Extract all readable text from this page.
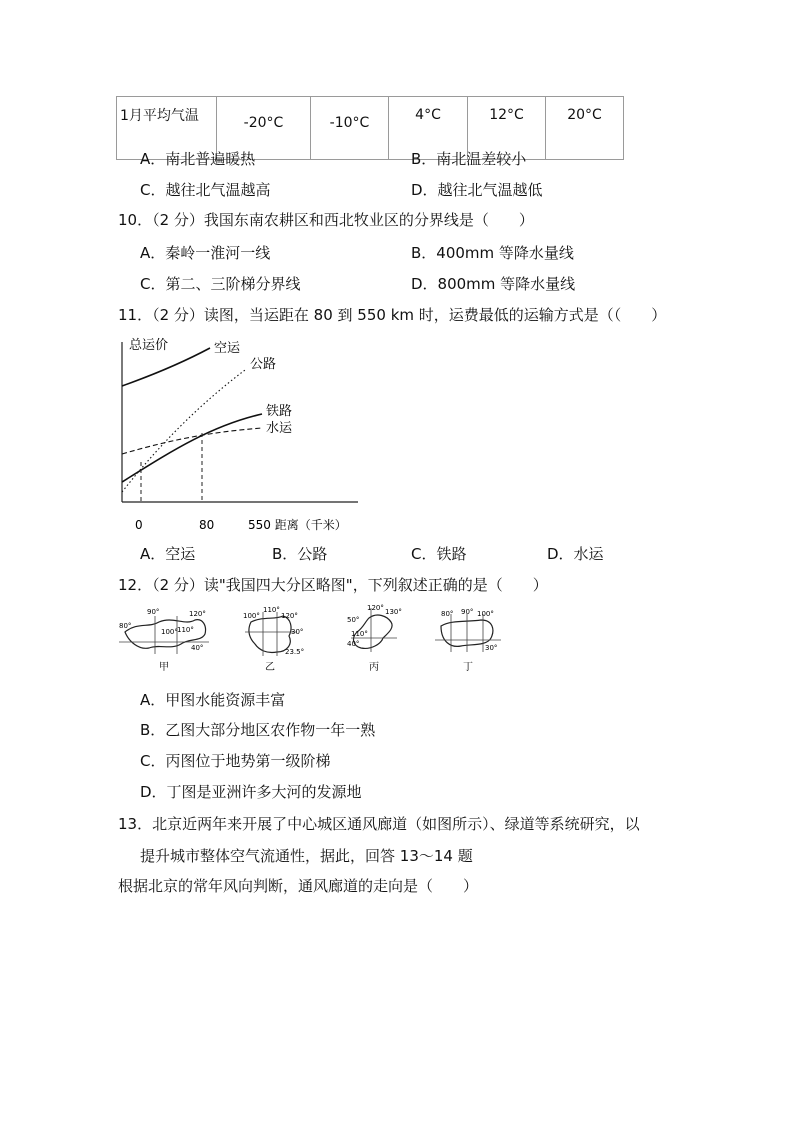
1月平均气温	-20°C	-10°C	4°C	12°C	20°C
A．南北普遍暖热	B．南北温差较小
C．越往北气温越高	D．越往北气温越低
10．（2 分）我国东南农耕区和西北牧业区的分界线是（　　）
A．秦岭一淮河一线	B．400mm 等降水量线
C．第二、三阶梯分界线	D．800mm 等降水量线
11．（2 分）读图，当运距在 80 到 550 km 时，运费最低的运输方式是（（　　）
总运价	空运
公路
铁路
水运
0	80	550 距离（千米）
A．空运	B．公路	C．铁路	D．水运
12．（2 分）读"我国四大分区略图"，下列叙述正确的是（　　）
90°	120°
80°
100° 110°
40°
甲
100°
110°
120°
30°
23.5°
乙
120° 130°
50°
110°
40°
丙
80° 90° 100°
30°
丁
A．甲图水能资源丰富
B．乙图大部分地区农作物一年一熟
C．丙图位于地势第一级阶梯
D．丁图是亚洲许多大河的发源地
13．北京近两年来开展了中心城区通风廊道（如图所示）、绿道等系统研究，以
提升城市整体空气流通性，据此，回答 13～14 题
根据北京的常年风向判断，通风廊道的走向是（　　）
